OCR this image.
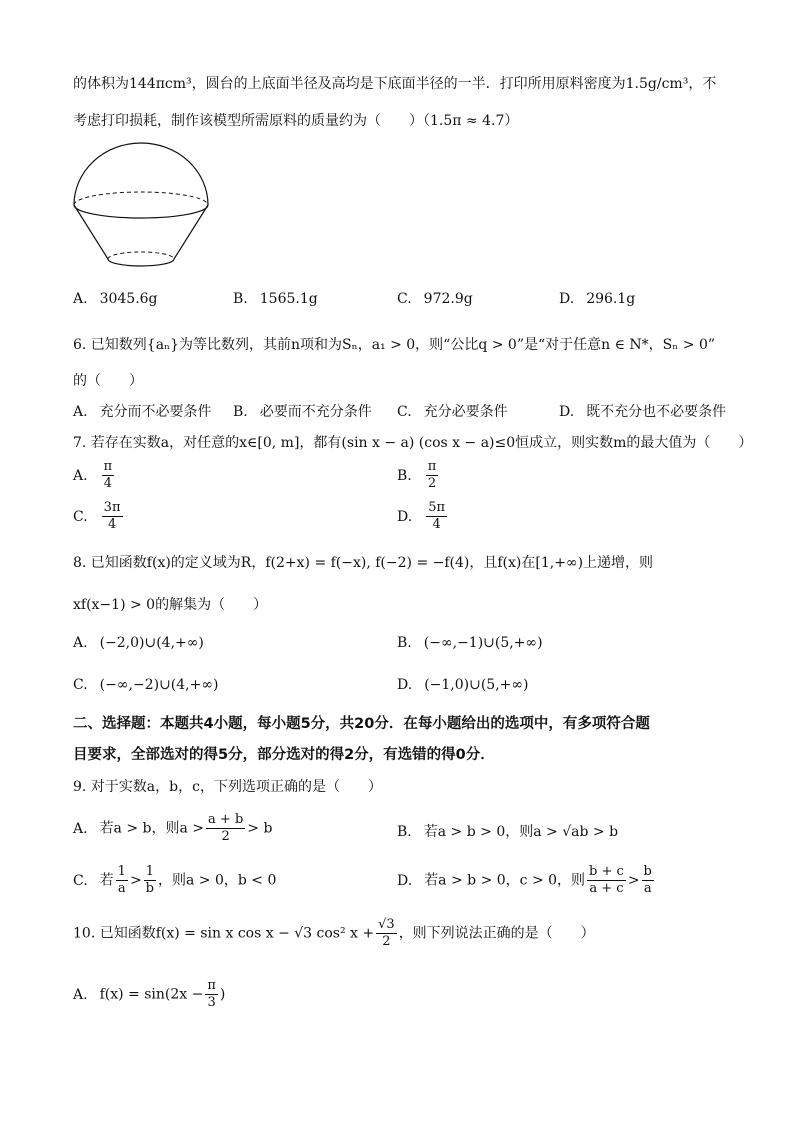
的体积为144πcm³，圆台的上底面半径及高均是下底面半径的一半．打印所用原料密度为1.5g/cm³，不
考虑打印损耗，制作该模型所需原料的质量约为（　　）（1.5π ≈ 4.7）
A. 3045.6g	B. 1565.1g	C. 972.9g	D. 296.1g
6. 已知数列{aₙ}为等比数列，其前n项和为Sₙ，a₁ > 0，则“公比q > 0”是“对于任意n ∈ N*，Sₙ > 0”
的（　　）
A. 充分而不必要条件 B. 必要而不充分条件 C. 充分必要条件	D. 既不充分也不必要条件
7. 若存在实数a，对任意的x∈[0, m]，都有(sin x − a) (cos x − a)≤0恒成立，则实数m的最大值为（　　）
A. $\frac{\pi}{4}$	B. $\frac{\pi}{2}$
C. $\frac{3\pi}{4}$	D. $\frac{5\pi}{4}$
8. 已知函数f(x)的定义域为R，f(2+x) = f(−x), f(−2) = −f(4)，且f(x)在[1,+∞)上递增，则
xf(x−1) > 0的解集为（　　）
A. (−2,0)∪(4,+∞)	B. (−∞,−1)∪(5,+∞)
C. (−∞,−2)∪(4,+∞)	D. (−1,0)∪(5,+∞)
二、选择题：本题共4小题，每小题5分，共20分．在每小题给出的选项中，有多项符合题
目要求，全部选对的得5分，部分选对的得2分，有选错的得0分．
9. 对于实数a，b，c，下列选项正确的是（　　）
A. 若a > b，则$a > \frac{a + b}{2} > b$	B. 若a > b > 0，则a > √ab > b
C. 若 $\frac{1}{a} > \frac{1}{b}$ ，则a > 0，b < 0	D. 若a > b > 0，c > 0，则 $\frac{b + c}{a + c} > \frac{b}{a}$
10. 已知函数f(x) = sin x cos x − √3 cos² $x + \frac{√3}{2}$ ，则下列说法正确的是（　　）
A. $f(x) = \sin(2x - \frac{\pi}{3}$ )
